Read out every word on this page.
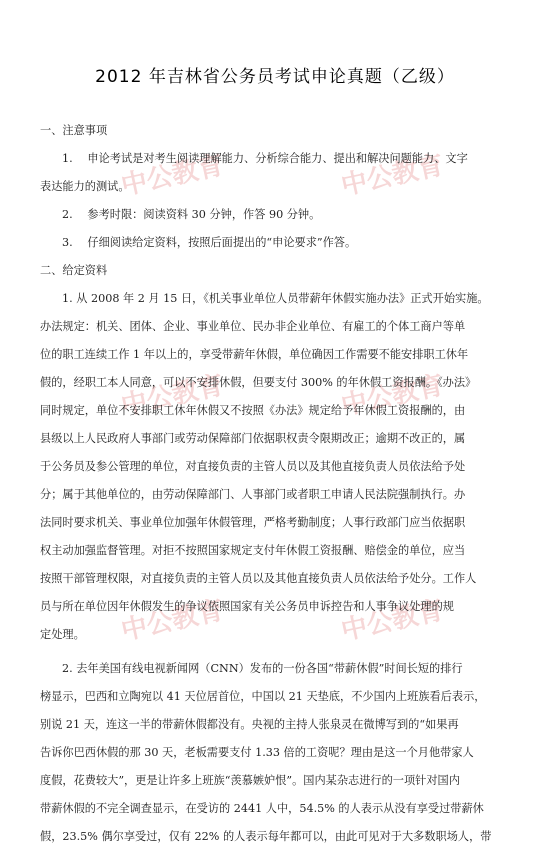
中公教育	中公教育
中公教育	中公教育
中公教育	中公教育
2012 年吉林省公务员考试申论真题（乙级）
一、注意事项
1.　 申论考试是对考生阅读理解能力、分析综合能力、提出和解决问题能力、文字
表达能力的测试。
2.　 参考时限：阅读资料 30 分钟，作答 90 分钟。
3.　 仔细阅读给定资料，按照后面提出的“申论要求”作答。
二、给定资料
1. 从 2008 年 2 月 15 日，《机关事业单位人员带薪年休假实施办法》正式开始实施。
办法规定：机关、团体、企业、事业单位、民办非企业单位、有雇工的个体工商户等单
位的职工连续工作 1 年以上的，享受带薪年休假，单位确因工作需要不能安排职工休年
假的，经职工本人同意，可以不安排休假，但要支付 300% 的年休假工资报酬。《办法》
同时规定，单位不安排职工休年休假又不按照《办法》规定给予年休假工资报酬的，由
县级以上人民政府人事部门或劳动保障部门依据职权责令限期改正；逾期不改正的，属
于公务员及参公管理的单位，对直接负责的主管人员以及其他直接负责人员依法给予处
分；属于其他单位的，由劳动保障部门、人事部门或者职工申请人民法院强制执行。办
法同时要求机关、事业单位加强年休假管理，严格考勤制度；人事行政部门应当依据职
权主动加强监督管理。对拒不按照国家规定支付年休假工资报酬、赔偿金的单位，应当
按照干部管理权限，对直接负责的主管人员以及其他直接负责人员依法给予处分。工作人
员与所在单位因年休假发生的争议依照国家有关公务员申诉控告和人事争议处理的规
定处理。
2. 去年美国有线电视新闻网（CNN）发布的一份各国“带薪休假”时间长短的排行
榜显示，巴西和立陶宛以 41 天位居首位，中国以 21 天垫底，不少国内上班族看后表示，
别说 21 天，连这一半的带薪休假都没有。央视的主持人张泉灵在微博写到的“如果再
告诉你巴西休假的那 30 天，老板需要支付 1.33 倍的工资呢？理由是这一个月他带家人
度假，花费较大”，更是让许多上班族“羡慕嫉妒恨”。国内某杂志进行的一项针对国内
带薪休假的不完全调查显示，在受访的 2441 人中，54.5% 的人表示从没有享受过带薪休
假，23.5% 偶尔享受过，仅有 22% 的人表示每年都可以，由此可见对于大多数职场人，带
